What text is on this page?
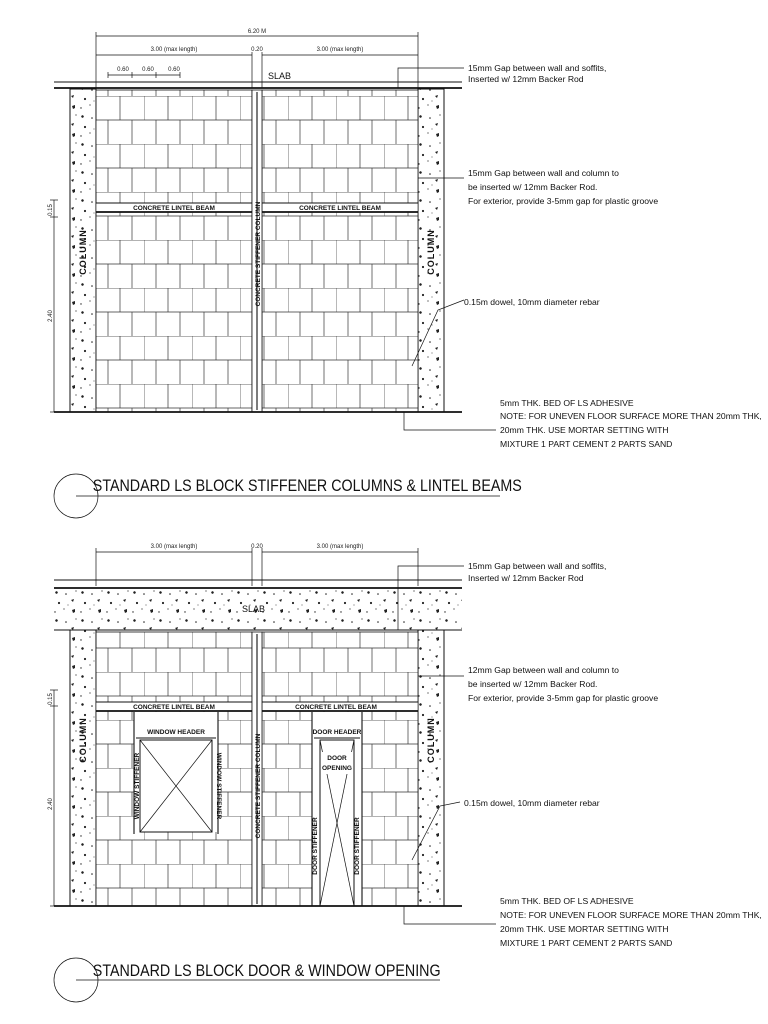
6.20 M
3.00 (max length)	0.20	3.00 (max length)
0.60 0.60 0.60
0.15
2.40
SLAB
COLUMN	COLUMN
CONCRETE LINTEL BEAM	CONCRETE LINTEL BEAM
CONCRETE STIFFENER COLUMN
15mm Gap between wall and soffits,
Inserted w/ 12mm Backer Rod
15mm Gap between wall and column to
be inserted w/ 12mm Backer Rod.
For exterior, provide 3-5mm gap for plastic groove
0.15m dowel, 10mm diameter rebar
5mm THK. BED OF LS ADHESIVE
NOTE: FOR UNEVEN FLOOR SURFACE MORE THAN 20mm THK,
20mm THK. USE MORTAR SETTING WITH
MIXTURE 1 PART CEMENT 2 PARTS SAND
STANDARD LS BLOCK STIFFENER COLUMNS & LINTEL BEAMS
3.00 (max length)	0.20	3.00 (max length)
0.15
2.40
SLAB
COLUMN	COLUMN
CONCRETE LINTEL BEAM	CONCRETE LINTEL BEAM
WINDOW HEADER
WINDOW STIFFENER	WINDOW STIFFENER
DOOR HEADER
DOOR
OPENING
DOOR STIFFENER	DOOR STIFFENER
CONCRETE STIFFENER COLUMN
15mm Gap between wall and soffits,
Inserted w/ 12mm Backer Rod
12mm Gap between wall and column to
be inserted w/ 12mm Backer Rod.
For exterior, provide 3-5mm gap for plastic groove
0.15m dowel, 10mm diameter rebar
5mm THK. BED OF LS ADHESIVE
NOTE: FOR UNEVEN FLOOR SURFACE MORE THAN 20mm THK,
20mm THK. USE MORTAR SETTING WITH
MIXTURE 1 PART CEMENT 2 PARTS SAND
STANDARD LS BLOCK DOOR & WINDOW OPENING
